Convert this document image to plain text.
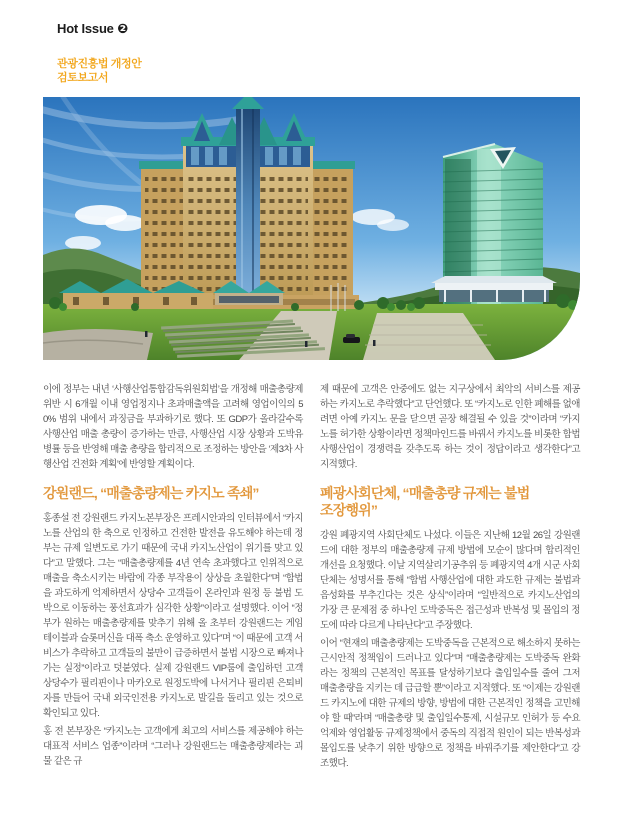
Hot Issue ❷
관광진흥법 개정안
검토보고서

이에 정부는 내년 ‘사행산업통합감독위원회법’을 개정해 매출총량제 위반 시 6개월 이내 영업정지나 초과매출액을 고려해 영업이익의 50% 범위 내에서 과징금을 부과하기로 했다. 또 GDP가 올라갈수록 사행산업 매출 총량이 증가하는 만큼, 사행산업 시장 상황과 도박유병률 등을 반영해 매출 총량을 합리적으로 조정하는 방안을 ‘제3차 사행산업 건전화 계획’에 반영할 계획이다.

강원랜드, “매출총량제는 카지노 족쇄”

홍종설 전 강원랜드 카지노본부장은 프레시안과의 인터뷰에서 “카지노를 산업의 한 축으로 인정하고 건전한 발전을 유도해야 하는데 정부는 규제 일변도로 가기 때문에 국내 카지노산업이 위기를 맞고 있다”고 말했다. 그는 “매출총량제를 4년 연속 초과했다고 인위적으로 매출을 축소시키는 바람에 각종 부작용이 상상을 초월한다”며 “합법을 과도하게 억제하면서 상당수 고객들이 온라인과 원정 등 불법 도박으로 이동하는 풍선효과가 심각한 상황”이라고 설명했다. 이어 “정부가 원하는 매출총량제를 맞추기 위해 올 초부터 강원랜드는 게임테이블과 슬롯머신을 대폭 축소 운영하고 있다”며 “이 때문에 고객 서비스가 추락하고 고객들의 불만이 급증하면서 불법 시장으로 빠져나가는 실정”이라고 덧붙였다. 실제 강원랜드 VIP룸에 출입하던 고객 상당수가 필리핀이나 마카오로 원정도박에 나서거나 필리핀 은퇴비자를 만들어 국내 외국인전용 카지노로 발길을 돌리고 있는 것으로 확인되고 있다.

홍 전 본부장은 “카지노는 고객에게 최고의 서비스를 제공해야 하는 대표적 서비스 업종”이라며 “그러나 강원랜드는 매출총량제라는 괴물 같은 규

제 때문에 고객은 안중에도 없는 지구상에서 최악의 서비스를 제공하는 카지노로 추락했다”고 단언했다. 또 “카지노로 인한 폐해를 없애려면 아예 카지노 문을 닫으면 곧장 해결될 수 있을 것”이라며 “카지노를 허가한 상황이라면 정책마인드를 바꿔서 카지노를 비롯한 합법 사행산업이 경쟁력을 갖추도록 하는 것이 정답이라고 생각한다”고 지적했다.

폐광사회단체, “매출총량 규제는 불법 조장행위”

강원 폐광지역 사회단체도 나섰다. 이들은 지난해 12월 26일 강원랜드에 대한 정부의 매출총량제 규제 방법에 모순이 많다며 합리적인 개선을 요청했다. 이날 지역살리기공추위 등 폐광지역 4개 시군 사회단체는 성명서를 통해 “합법 사행산업에 대한 과도한 규제는 불법과 음성화를 부추긴다는 것은 상식”이라며 “일반적으로 카지노산업의 가장 큰 문제점 중 하나인 도박중독은 접근성과 반복성 및 몰입의 정도에 따라 다르게 나타난다”고 주장했다.

이어 “현재의 매출총량제는 도박중독을 근본적으로 해소하지 못하는 근시안적 정책임이 드러나고 있다”며 “매출총량제는 도박중독 완화라는 정책의 근본적인 목표를 달성하기보다 출입일수를 줄여 그저 매출총량을 지키는 데 급급할 뿐”이라고 지적했다. 또 “이제는 강원랜드 카지노에 대한 규제의 방향, 방법에 대한 근본적인 정책을 고민해야 할 때”라며 “매출총량 및 출입일수통제, 시설규모 인허가 등 수요억제와 영업활동 규제정책에서 중독의 직접적 원인이 되는 반복성과 몰입도를 낮추기 위한 방향으로 정책을 바꿔주기를 제안한다”고 강조했다.
